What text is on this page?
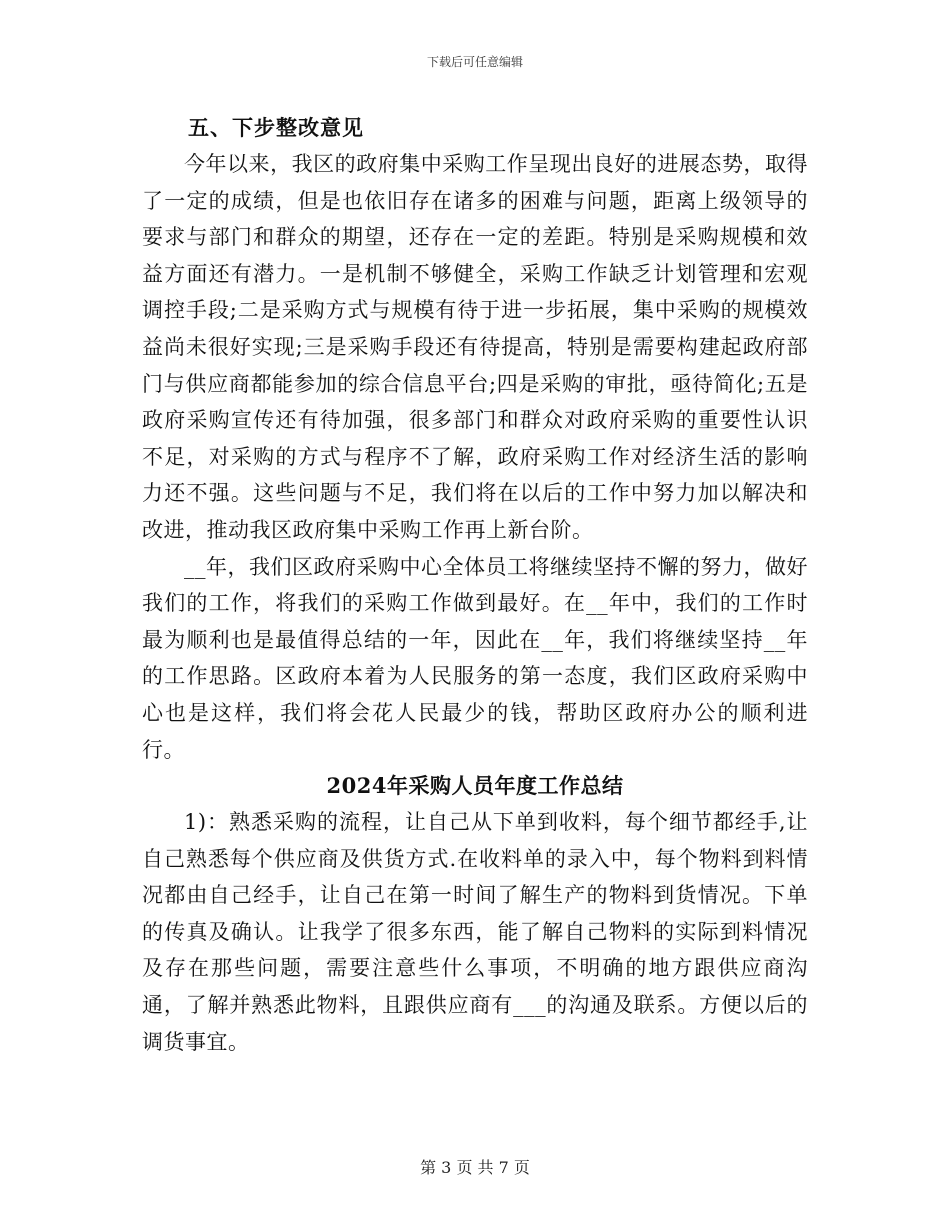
下载后可任意编辑
五、下步整改意见

今年以来，我区的政府集中采购工作呈现出良好的进展态势，取得了一定的成绩，但是也依旧存在诸多的困难与问题，距离上级领导的要求与部门和群众的期望，还存在一定的差距。特别是采购规模和效益方面还有潜力。一是机制不够健全，采购工作缺乏计划管理和宏观调控手段;二是采购方式与规模有待于进一步拓展，集中采购的规模效益尚未很好实现;三是采购手段还有待提高，特别是需要构建起政府部门与供应商都能参加的综合信息平台;四是采购的审批，亟待简化;五是政府采购宣传还有待加强，很多部门和群众对政府采购的重要性认识不足，对采购的方式与程序不了解，政府采购工作对经济生活的影响力还不强。这些问题与不足，我们将在以后的工作中努力加以解决和改进，推动我区政府集中采购工作再上新台阶。

__年，我们区政府采购中心全体员工将继续坚持不懈的努力，做好我们的工作，将我们的采购工作做到最好。在__年中，我们的工作时最为顺利也是最值得总结的一年，因此在__年，我们将继续坚持__年的工作思路。区政府本着为人民服务的第一态度，我们区政府采购中心也是这样，我们将会花人民最少的钱，帮助区政府办公的顺利进行。

2024年采购人员年度工作总结

1)：熟悉采购的流程，让自己从下单到收料，每个细节都经手,让自己熟悉每个供应商及供货方式.在收料单的录入中，每个物料到料情况都由自己经手，让自己在第一时间了解生产的物料到货情况。下单的传真及确认。让我学了很多东西，能了解自己物料的实际到料情况及存在那些问题，需要注意些什么事项，不明确的地方跟供应商沟通，了解并熟悉此物料，且跟供应商有___的沟通及联系。方便以后的调货事宜。

第 3 页 共 7 页
